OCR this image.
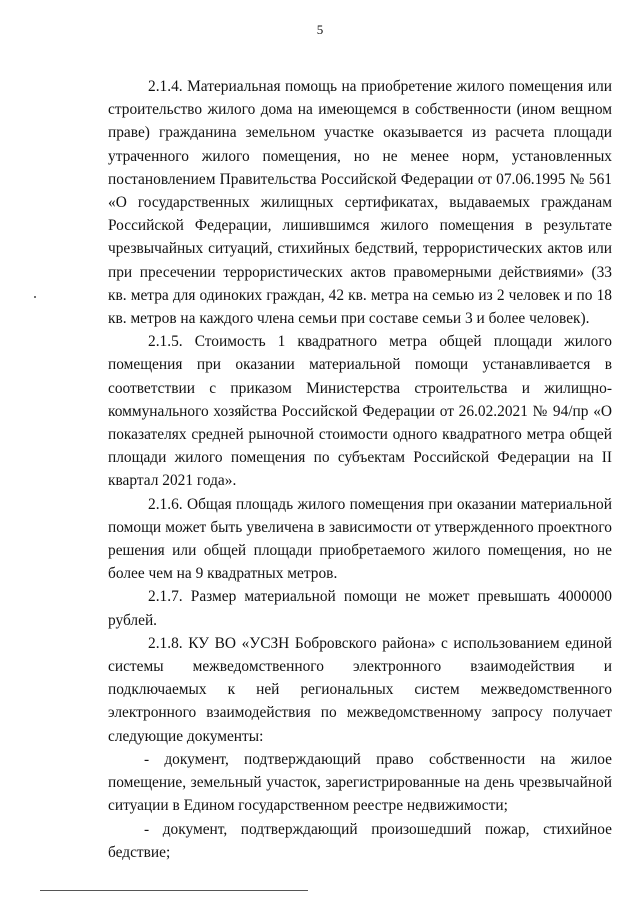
5

2.1.4. Материальная помощь на приобретение жилого помещения или строительство жилого дома на имеющемся в собственности (ином вещном праве) гражданина земельном участке оказывается из расчета площади утраченного жилого помещения, но не менее норм, установленных постановлением Правительства Российской Федерации от 07.06.1995 № 561 «О государственных жилищных сертификатах, выдаваемых гражданам Российской Федерации, лишившимся жилого помещения в результате чрезвычайных ситуаций, стихийных бедствий, террористических актов или при пресечении террористических актов правомерными действиями» (33 кв. метра для одиноких граждан, 42 кв. метра на семью из 2 человек и по 18 кв. метров на каждого члена семьи при составе семьи 3 и более человек).

2.1.5. Стоимость 1 квадратного метра общей площади жилого помещения при оказании материальной помощи устанавливается в соответствии с приказом Министерства строительства и жилищно-коммунального хозяйства Российской Федерации от 26.02.2021 № 94/пр «О показателях средней рыночной стоимости одного квадратного метра общей площади жилого помещения по субъектам Российской Федерации на II квартал 2021 года».

2.1.6. Общая площадь жилого помещения при оказании материальной помощи может быть увеличена в зависимости от утвержденного проектного решения или общей площади приобретаемого жилого помещения, но не более чем на 9 квадратных метров.

2.1.7. Размер материальной помощи не может превышать 4000000 рублей.

2.1.8. КУ ВО «УСЗН Бобровского района» с использованием единой системы межведомственного электронного взаимодействия и подключаемых к ней региональных систем межведомственного электронного взаимодействия по межведомственному запросу получает следующие документы:

- документ, подтверждающий право собственности на жилое помещение, земельный участок, зарегистрированные на день чрезвычайной ситуации в Едином государственном реестре недвижимости;

- документ, подтверждающий произошедший пожар, стихийное бедствие;
